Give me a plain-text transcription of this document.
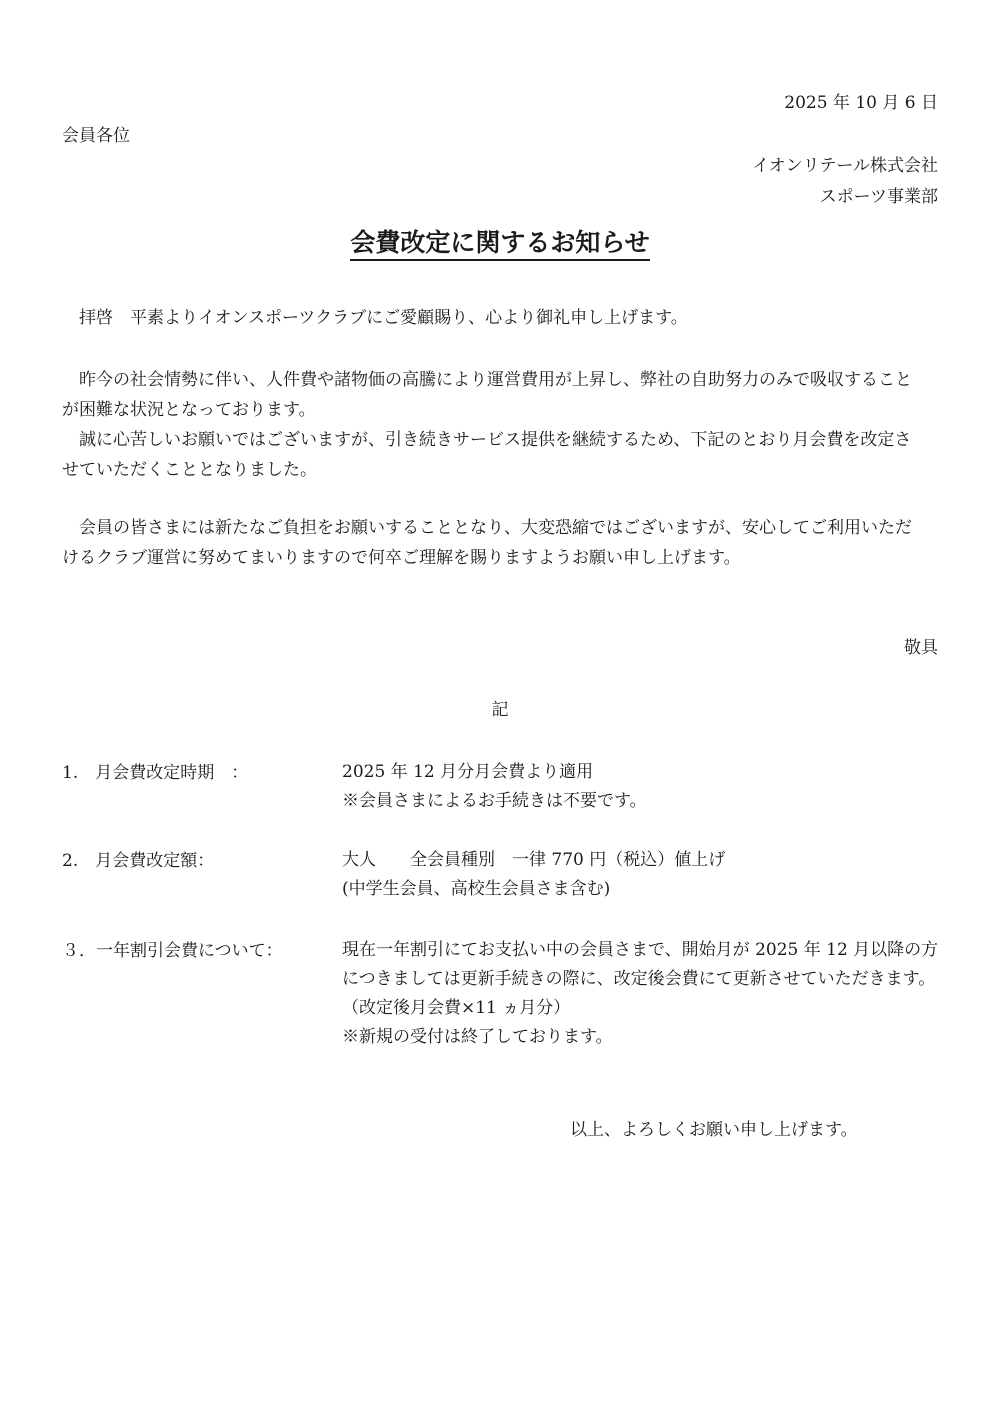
2025 年 10 月 6 日
会員各位
イオンリテール株式会社
スポーツ事業部
会費改定に関するお知らせ
拝啓　平素よりイオンスポーツクラブにご愛顧賜り、心より御礼申し上げます。
昨今の社会情勢に伴い、人件費や諸物価の高騰により運営費用が上昇し、弊社の自助努力のみで吸収すること
が困難な状況となっております。
誠に心苦しいお願いではございますが、引き続きサービス提供を継続するため、下記のとおり月会費を改定さ
せていただくこととなりました。
会員の皆さまには新たなご負担をお願いすることとなり、大変恐縮ではございますが、安心してご利用いただ
けるクラブ運営に努めてまいりますので何卒ご理解を賜りますようお願い申し上げます。
敬具
記
1.　月会費改定時期　：	2025 年 12 月分月会費より適用
※会員さまによるお手続きは不要です。
2.　月会費改定額：	大人　　全会員種別　一律 770 円（税込）値上げ
(中学生会員、高校生会員さま含む)
３．一年割引会費について：	現在一年割引にてお支払い中の会員さまで、開始月が 2025 年 12 月以降の方
につきましては更新手続きの際に、改定後会費にて更新させていただきます。
（改定後月会費×11 ヵ月分）
※新規の受付は終了しております。
以上、よろしくお願い申し上げます。
